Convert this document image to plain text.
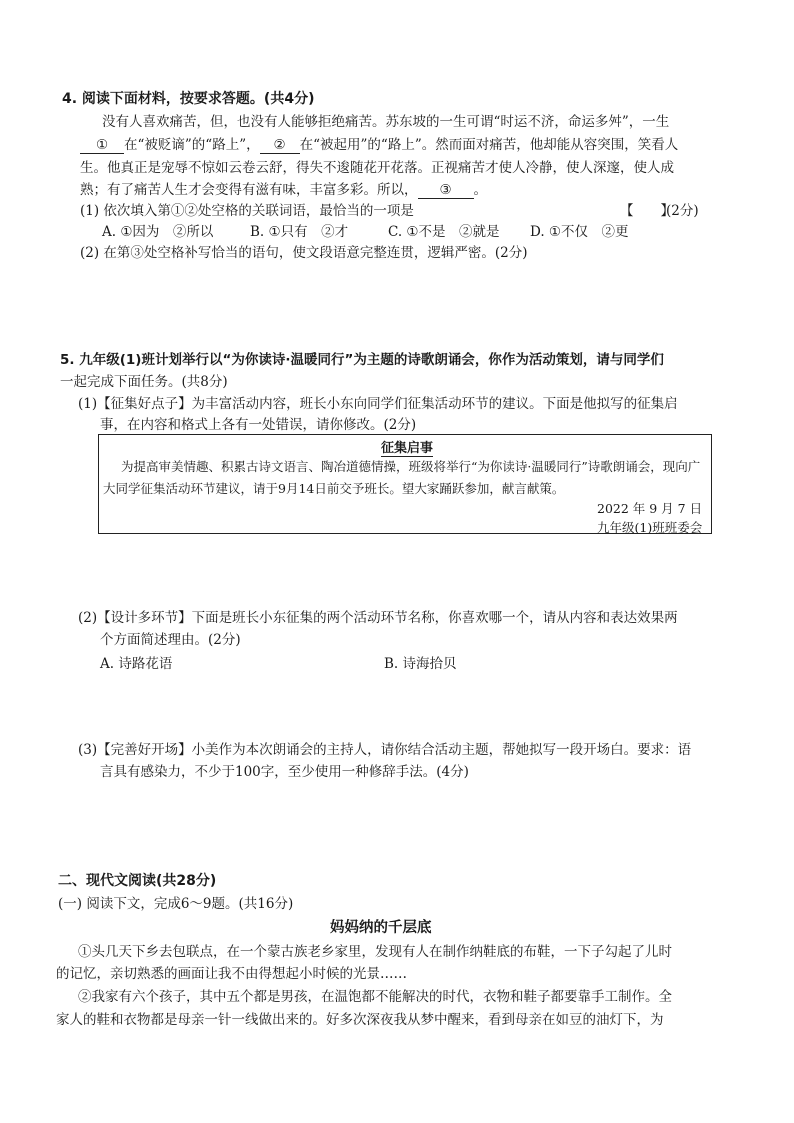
4. 阅读下面材料，按要求答题。(共4分)
没有人喜欢痛苦，但，也没有人能够拒绝痛苦。苏东坡的一生可谓“时运不济，命运多舛”，一生
① 在“被贬谪”的“路上”， ② 在“被起用”的“路上”。然而面对痛苦，他却能从容突围，笑看人
生。他真正是宠辱不惊如云卷云舒，得失不逡随花开花落。正视痛苦才使人冷静，使人深邃，使人成
熟；有了痛苦人生才会变得有滋有味，丰富多彩。所以， ③ 。
(1) 依次填入第①②处空格的关联词语，最恰当的一项是	【　　】
(2分)
A. ①因为　②所以	B. ①只有　②才	C. ①不是　②就是 D. ①不仅　②更
(2) 在第③处空格补写恰当的语句，使文段语意完整连贯，逻辑严密。(2分)
5. 九年级(1)班计划举行以“为你读诗·温暖同行”为主题的诗歌朗诵会，你作为活动策划，请与同学们
一起完成下面任务。(共8分)
(1)【征集好点子】为丰富活动内容，班长小东向同学们征集活动环节的建议。下面是他拟写的征集启
事，在内容和格式上各有一处错误，请你修改。(2分)
征集启事
为提高审美情趣、积累古诗文语言、陶冶道德情操，班级将举行“为你读诗·温暖同行”诗歌朗诵会，现向广
大同学征集活动环节建议，请于9月14日前交予班长。望大家踊跃参加，献言献策。
2022 年 9 月 7 日
九年级(1)班班委会
(2)【设计多环节】下面是班长小东征集的两个活动环节名称，你喜欢哪一个，请从内容和表达效果两
个方面简述理由。(2分)
A. 诗路花语	B. 诗海拾贝
(3)【完善好开场】小美作为本次朗诵会的主持人，请你结合活动主题，帮她拟写一段开场白。要求：语
言具有感染力，不少于100字，至少使用一种修辞手法。(4分)
二、现代文阅读(共28分)
(一) 阅读下文，完成6～9题。(共16分)
妈妈纳的千层底
①头几天下乡去包联点，在一个蒙古族老乡家里，发现有人在制作纳鞋底的布鞋，一下子勾起了儿时
的记忆，亲切熟悉的画面让我不由得想起小时候的光景……
②我家有六个孩子，其中五个都是男孩，在温饱都不能解决的时代，衣物和鞋子都要靠手工制作。全
家人的鞋和衣物都是母亲一针一线做出来的。好多次深夜我从梦中醒来，看到母亲在如豆的油灯下，为
